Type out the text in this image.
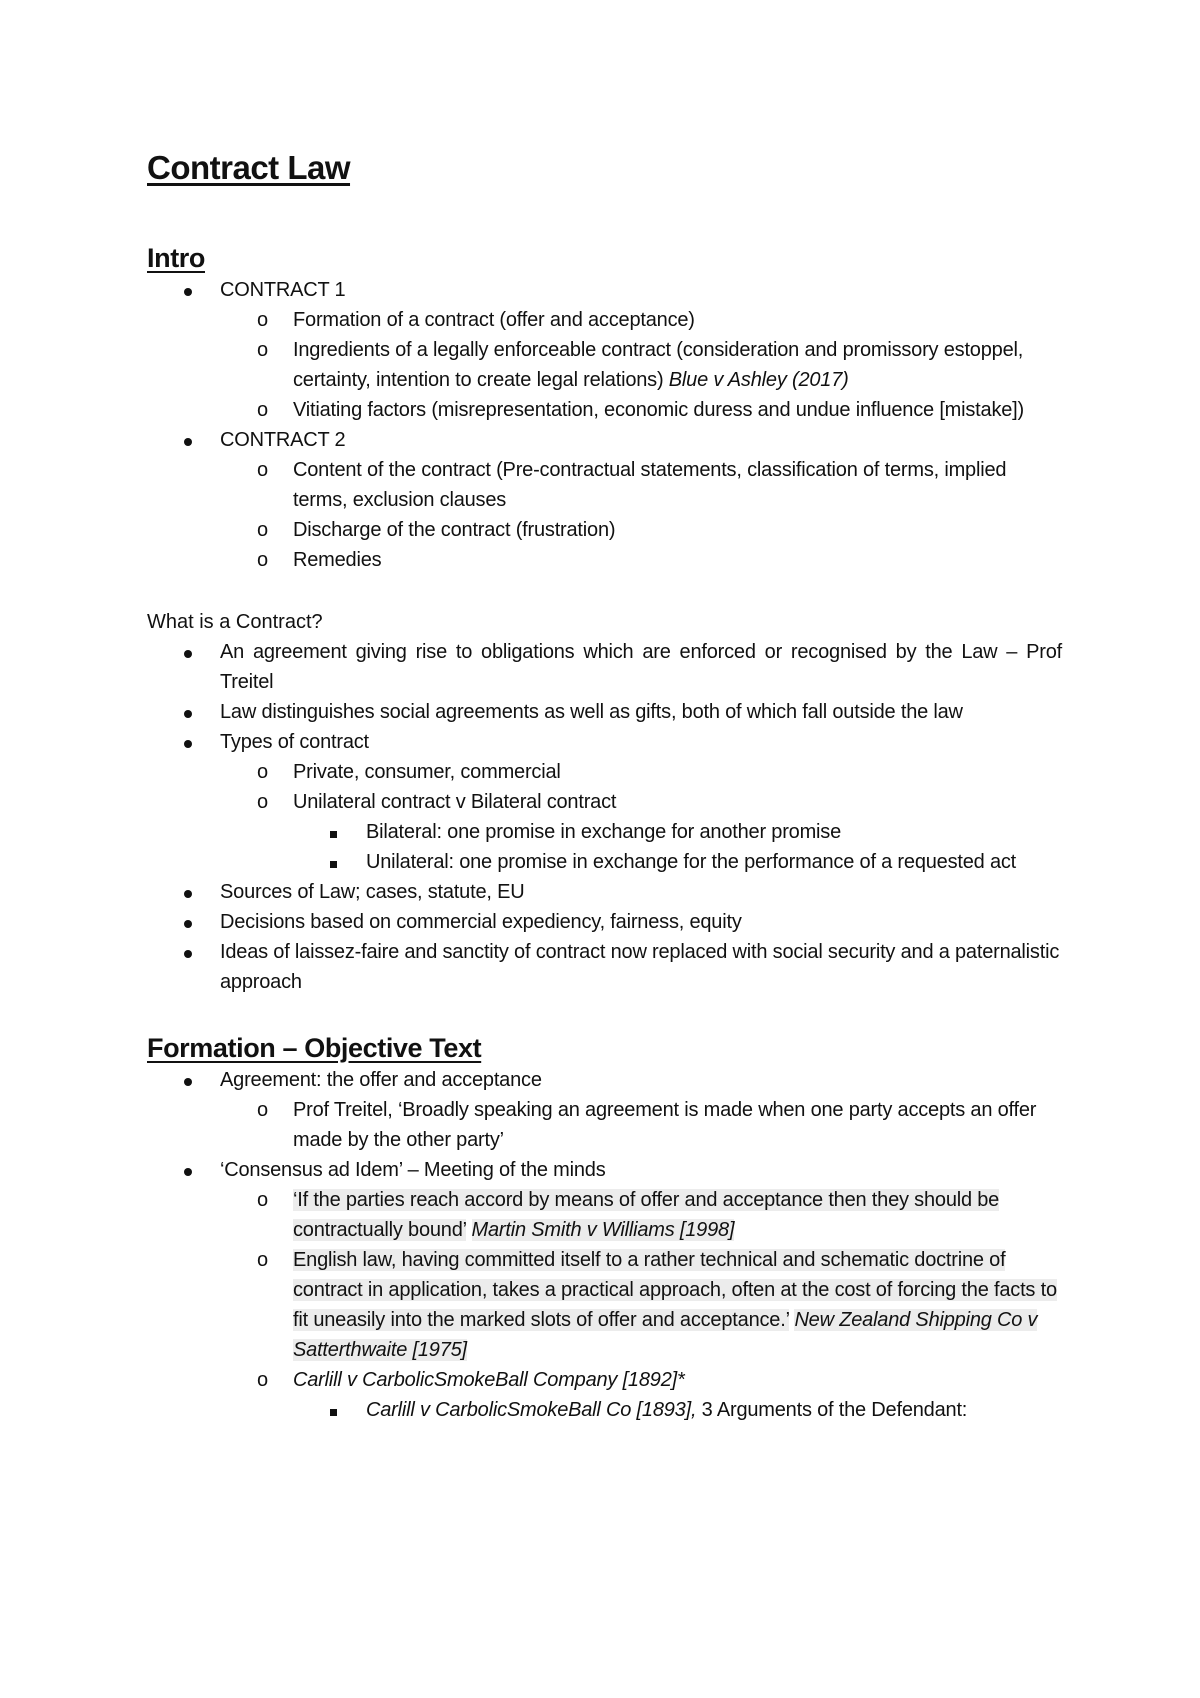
Contract Law
Intro
CONTRACT 1
o Formation of a contract (offer and acceptance)
o Ingredients of a legally enforceable contract (consideration and promissory estoppel, certainty, intention to create legal relations) Blue v Ashley (2017)
o Vitiating factors (misrepresentation, economic duress and undue influence [mistake])
CONTRACT 2
o Content of the contract (Pre-contractual statements, classification of terms, implied terms, exclusion clauses
o Discharge of the contract (frustration)
o Remedies

What is a Contract?

An agreement giving rise to obligations which are enforced or recognised by the Law – Prof Treitel
Law distinguishes social agreements as well as gifts, both of which fall outside the law
Types of contract
o Private, consumer, commercial
o Unilateral contract v Bilateral contract
Bilateral: one promise in exchange for another promise
Unilateral: one promise in exchange for the performance of a requested act
Sources of Law; cases, statute, EU
Decisions based on commercial expediency, fairness, equity
Ideas of laissez-faire and sanctity of contract now replaced with social security and a paternalistic approach
Formation – Objective Text
Agreement: the offer and acceptance
o Prof Treitel, ‘Broadly speaking an agreement is made when one party accepts an offer made by the other party’
‘Consensus ad Idem’ – Meeting of the minds
o ‘If the parties reach accord by means of offer and acceptance then they should be contractually bound’ Martin Smith v Williams [1998]
o English law, having committed itself to a rather technical and schematic doctrine of contract in application, takes a practical approach, often at the cost of forcing the facts to fit uneasily into the marked slots of offer and acceptance.’ New Zealand Shipping Co v Satterthwaite [1975]
o Carlill v CarbolicSmokeBall Company [1892]*
Carlill v CarbolicSmokeBall Co [1893], 3 Arguments of the Defendant:
